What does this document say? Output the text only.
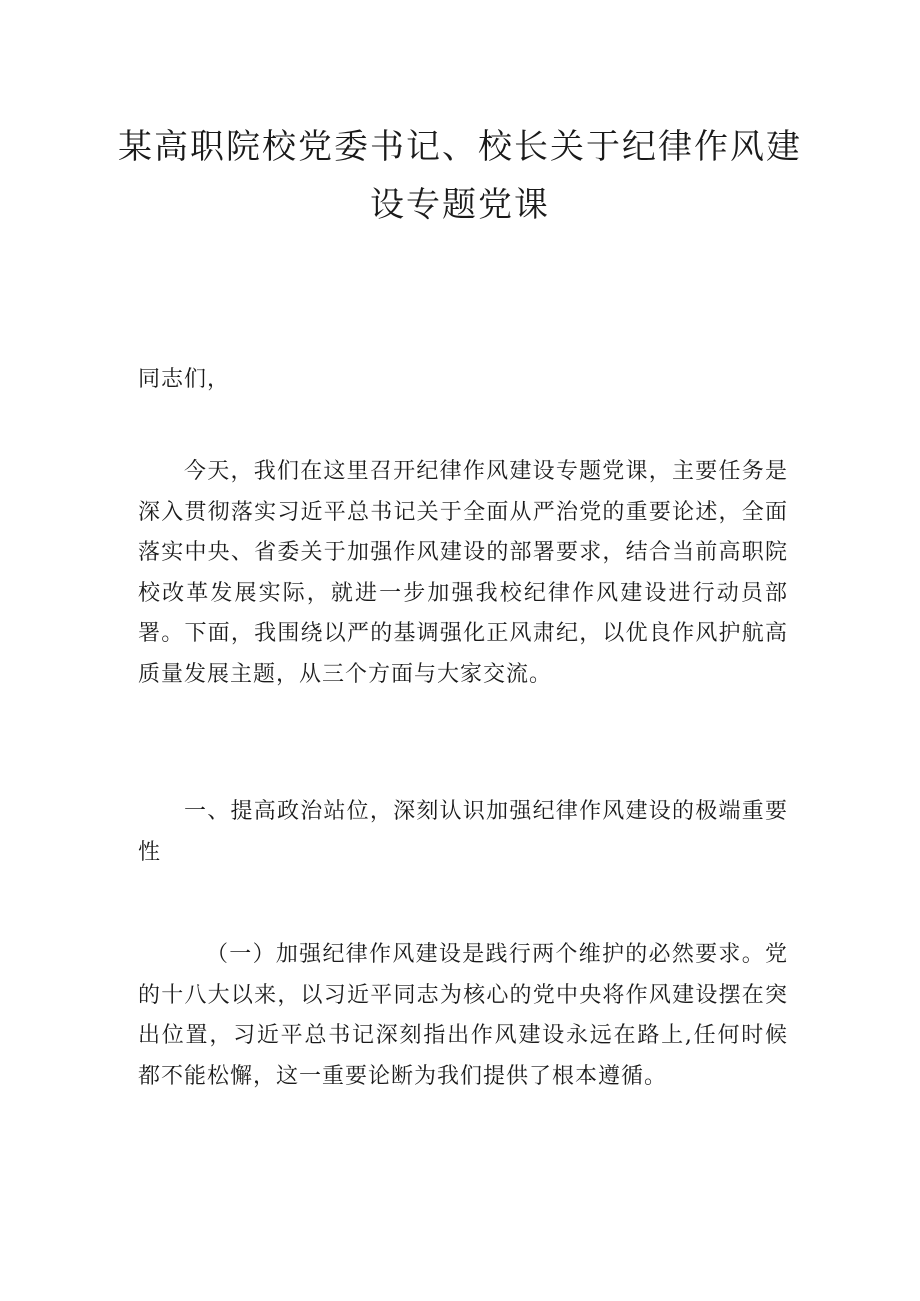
某高职院校党委书记、校长关于纪律作风建
设专题党课

同志们，

今天，我们在这里召开纪律作风建设专题党课，主要任务是深入贯彻落实习近平总书记关于全面从严治党的重要论述，全面落实中央、省委关于加强作风建设的部署要求，结合当前高职院校改革发展实际，就进一步加强我校纪律作风建设进行动员部署。下面，我围绕以严的基调强化正风肃纪，以优良作风护航高质量发展主题，从三个方面与大家交流。

一、提高政治站位，深刻认识加强纪律作风建设的极端重要性

（一）加强纪律作风建设是践行两个维护的必然要求。党的十八大以来，以习近平同志为核心的党中央将作风建设摆在突出位置，习近平总书记深刻指出作风建设永远在路上,任何时候都不能松懈，这一重要论断为我们提供了根本遵循。
